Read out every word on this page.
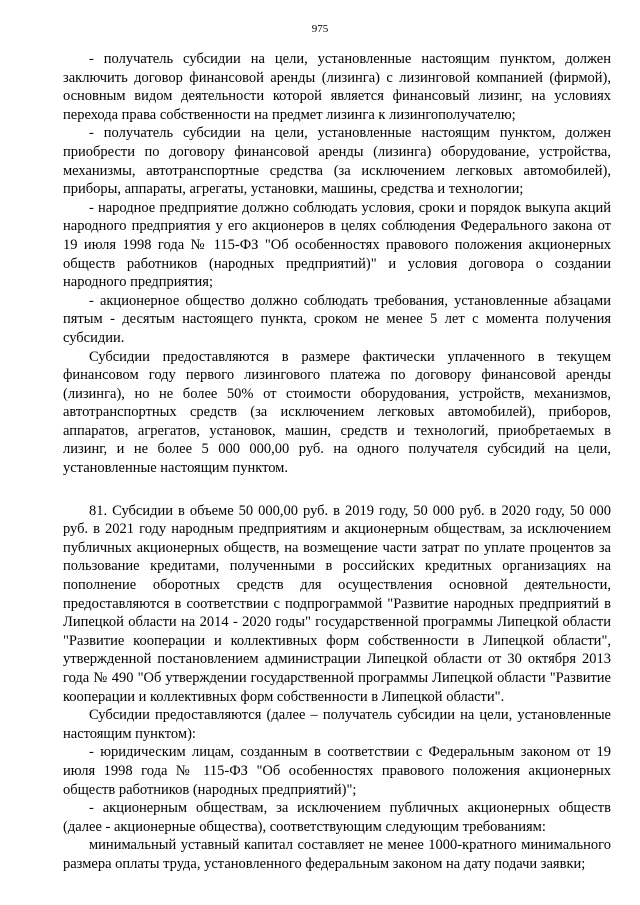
975

- получатель субсидии на цели, установленные настоящим пунктом, должен заключить договор финансовой аренды (лизинга) с лизинговой компанией (фирмой), основным видом деятельности которой является финансовый лизинг, на условиях перехода права собственности на предмет лизинга к лизингополучателю;

- получатель субсидии на цели, установленные настоящим пунктом, должен приобрести по договору финансовой аренды (лизинга) оборудование, устройства, механизмы, автотранспортные средства (за исключением легковых автомобилей), приборы, аппараты, агрегаты, установки, машины, средства и технологии;

- народное предприятие должно соблюдать условия, сроки и порядок выкупа акций народного предприятия у его акционеров в целях соблюдения Федерального закона от 19 июля 1998 года № 115-ФЗ "Об особенностях правового положения акционерных обществ работников (народных предприятий)" и условия договора о создании народного предприятия;

- акционерное общество должно соблюдать требования, установленные абзацами пятым - десятым настоящего пункта, сроком не менее 5 лет с момента получения субсидии.

Субсидии предоставляются в размере фактически уплаченного в текущем финансовом году первого лизингового платежа по договору финансовой аренды (лизинга), но не более 50% от стоимости оборудования, устройств, механизмов, автотранспортных средств (за исключением легковых автомобилей), приборов, аппаратов, агрегатов, установок, машин, средств и технологий, приобретаемых в лизинг, и не более 5 000 000,00 руб. на одного получателя субсидий на цели, установленные настоящим пунктом.

81. Субсидии в объеме 50 000,00 руб. в 2019 году, 50 000 руб. в 2020 году, 50 000 руб. в 2021 году народным предприятиям и акционерным обществам, за исключением публичных акционерных обществ, на возмещение части затрат по уплате процентов за пользование кредитами, полученными в российских кредитных организациях на пополнение оборотных средств для осуществления основной деятельности, предоставляются в соответствии с подпрограммой "Развитие народных предприятий в Липецкой области на 2014 - 2020 годы" государственной программы Липецкой области "Развитие кооперации и коллективных форм собственности в Липецкой области", утвержденной постановлением администрации Липецкой области от 30 октября 2013 года № 490 "Об утверждении государственной программы Липецкой области "Развитие кооперации и коллективных форм собственности в Липецкой области".

Субсидии предоставляются (далее – получатель субсидии на цели, установленные настоящим пунктом):

- юридическим лицам, созданным в соответствии с Федеральным законом от 19 июля 1998 года № 115-ФЗ "Об особенностях правового положения акционерных обществ работников (народных предприятий)";

- акционерным обществам, за исключением публичных акционерных обществ (далее - акционерные общества), соответствующим следующим требованиям:

минимальный уставный капитал составляет не менее 1000-кратного минимального размера оплаты труда, установленного федеральным законом на дату подачи заявки;
